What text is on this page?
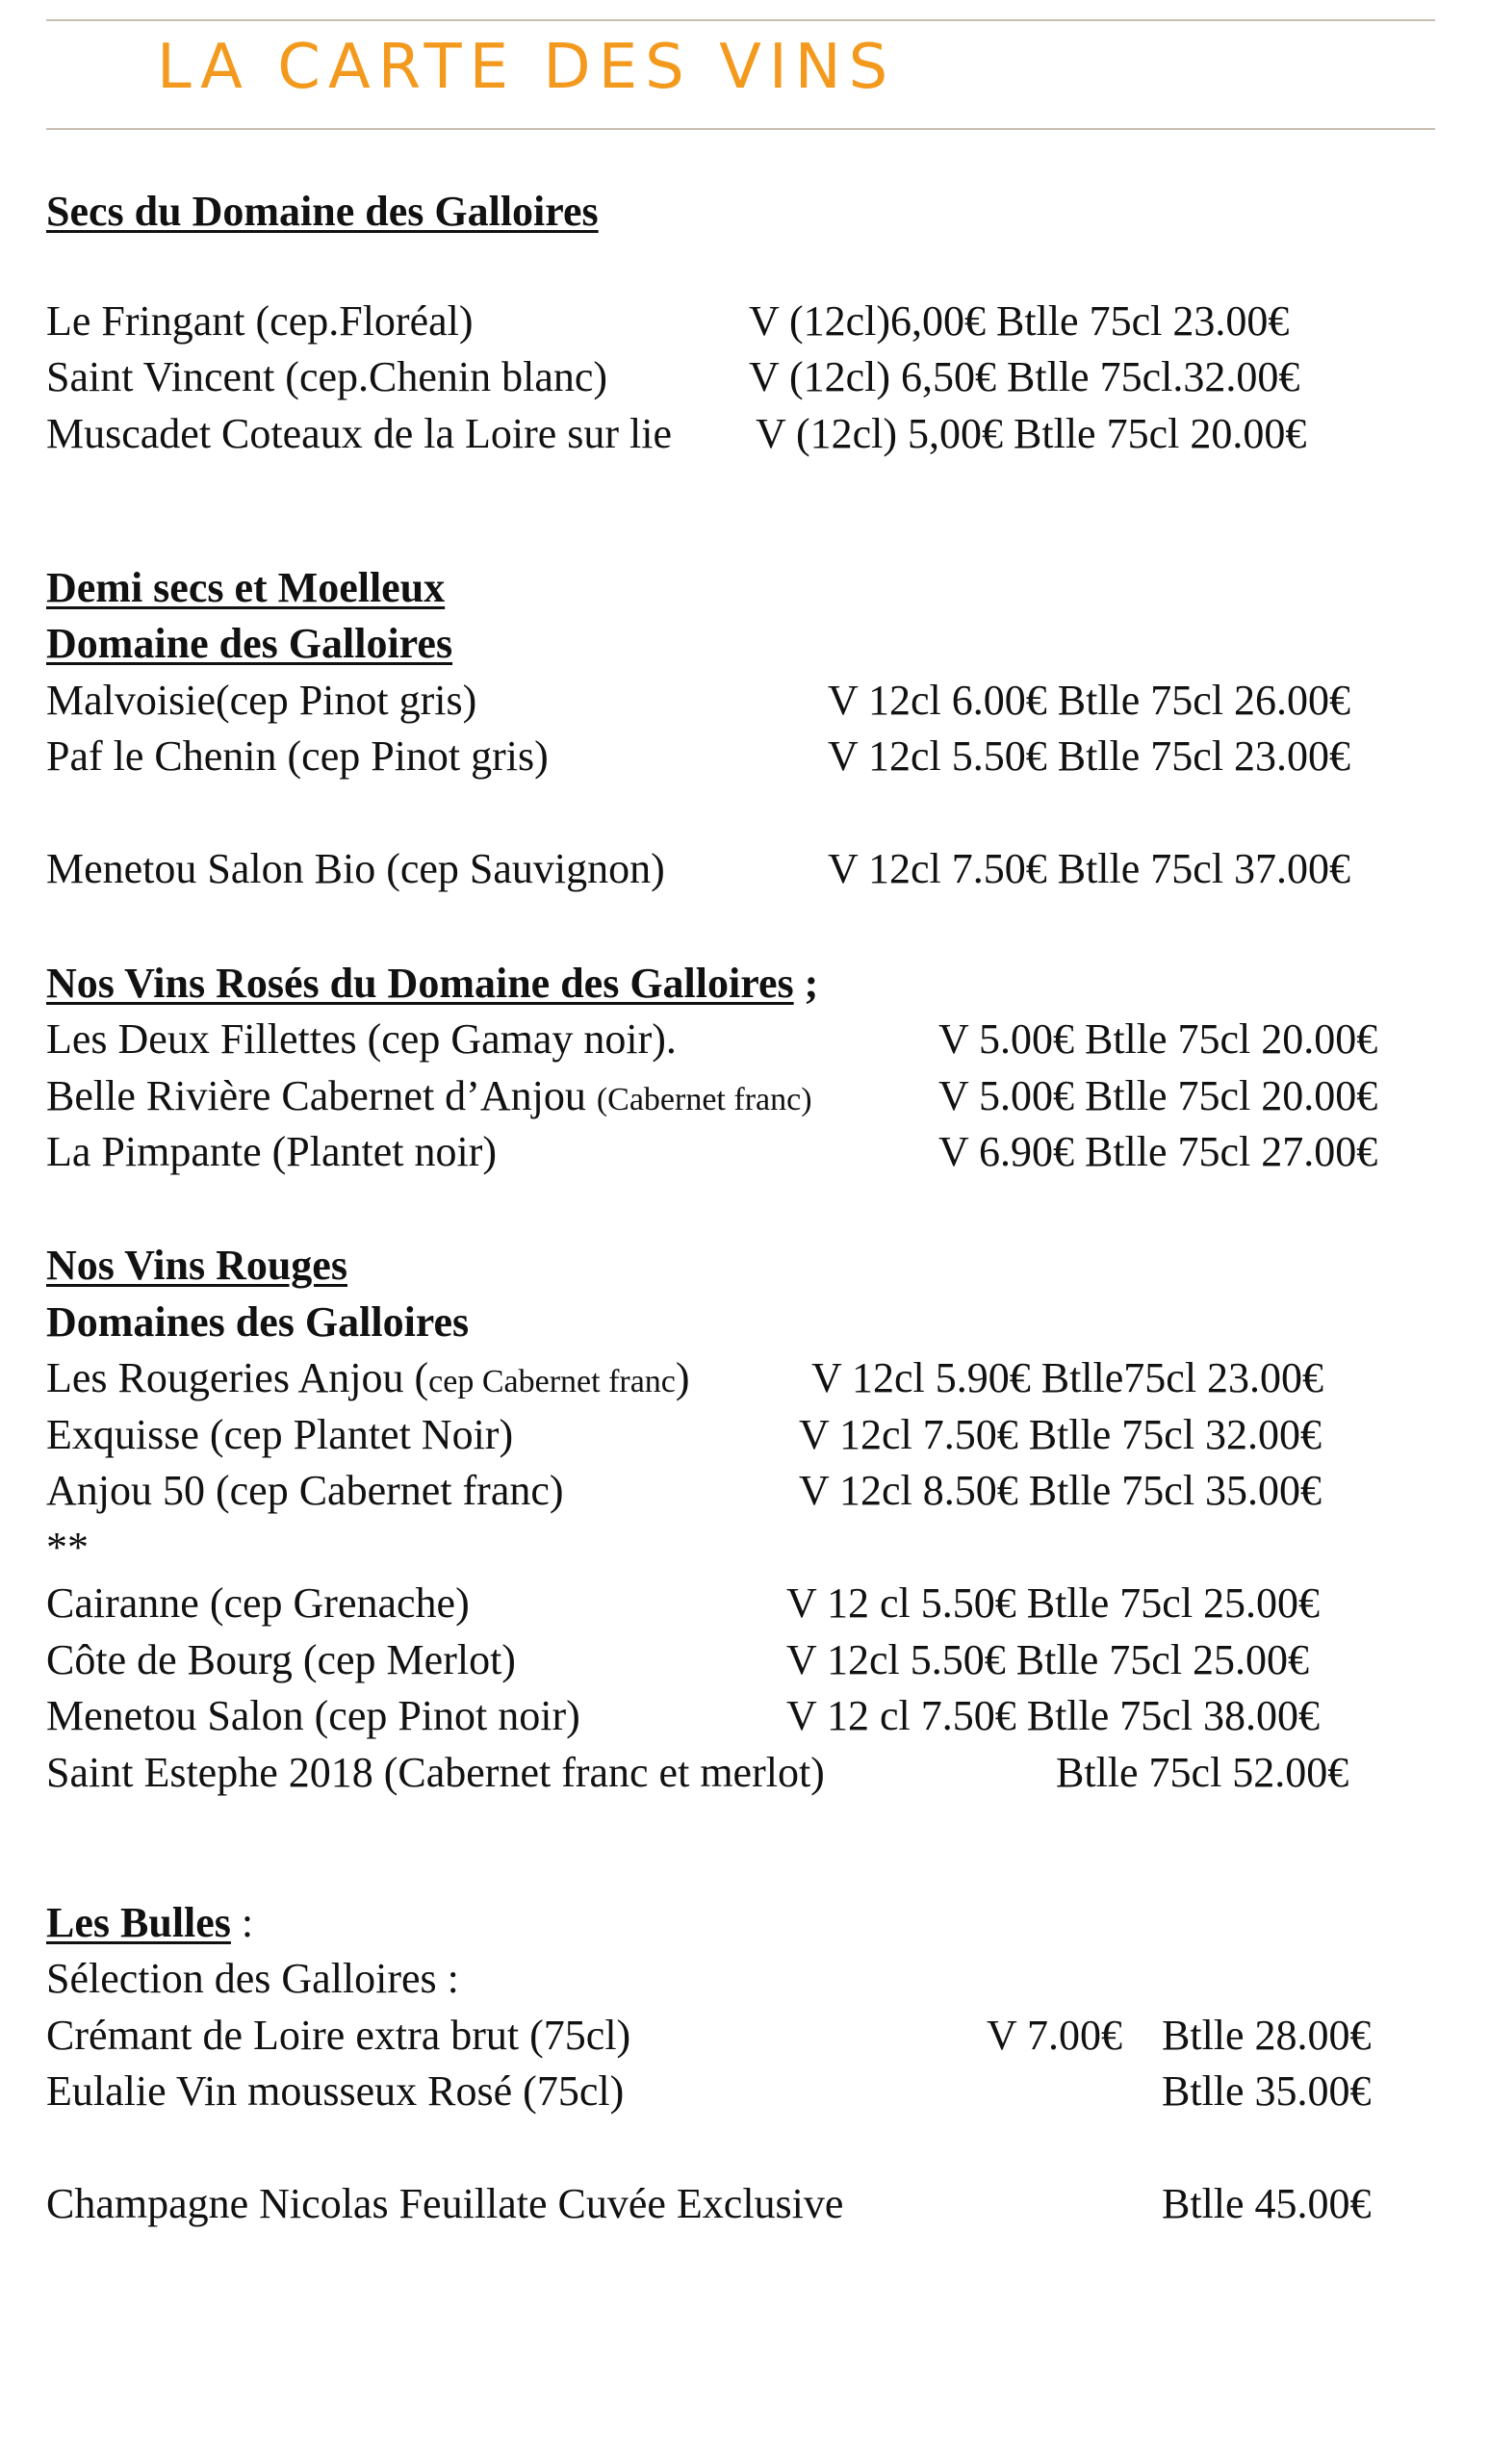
LA CARTE DES VINS
Secs du Domaine des Galloires
Le Fringant (cep.Floréal)	V (12cl)6,00€ Btlle 75cl 23.00€
Saint Vincent (cep.Chenin blanc)	V (12cl) 6,50€ Btlle 75cl.32.00€
Muscadet Coteaux de la Loire sur lie V (12cl) 5,00€ Btlle 75cl 20.00€
Demi secs et Moelleux
Domaine des Galloires
Malvoisie(cep Pinot gris)	V 12cl 6.00€ Btlle 75cl 26.00€
Paf le Chenin (cep Pinot gris)	V 12cl 5.50€ Btlle 75cl 23.00€
Menetou Salon Bio (cep Sauvignon)	V 12cl 7.50€ Btlle 75cl 37.00€
Nos Vins Rosés du Domaine des Galloires ;
Les Deux Fillettes (cep Gamay noir).	V 5.00€ Btlle 75cl 20.00€
Belle Rivière Cabernet d’Anjou (Cabernet franc)	V 5.00€ Btlle 75cl 20.00€
La Pimpante (Plantet noir)	V 6.90€ Btlle 75cl 27.00€
Nos Vins Rouges
Domaines des Galloires
Les Rougeries Anjou (cep Cabernet franc)	V 12cl 5.90€ Btlle75cl 23.00€
Exquisse (cep Plantet Noir)	V 12cl 7.50€ Btlle 75cl 32.00€
Anjou 50 (cep Cabernet franc)	V 12cl 8.50€ Btlle 75cl 35.00€
**
Cairanne (cep Grenache)	V 12 cl 5.50€ Btlle 75cl 25.00€
Côte de Bourg (cep Merlot)	V 12cl 5.50€ Btlle 75cl 25.00€
Menetou Salon (cep Pinot noir)	V 12 cl 7.50€ Btlle 75cl 38.00€
Saint Estephe 2018 (Cabernet franc et merlot)	Btlle 75cl 52.00€
Les Bulles :
Sélection des Galloires :
Crémant de Loire extra brut (75cl)	V 7.00€ Btlle 28.00€
Eulalie Vin mousseux Rosé (75cl)	Btlle 35.00€
Champagne Nicolas Feuillate Cuvée Exclusive	Btlle 45.00€
